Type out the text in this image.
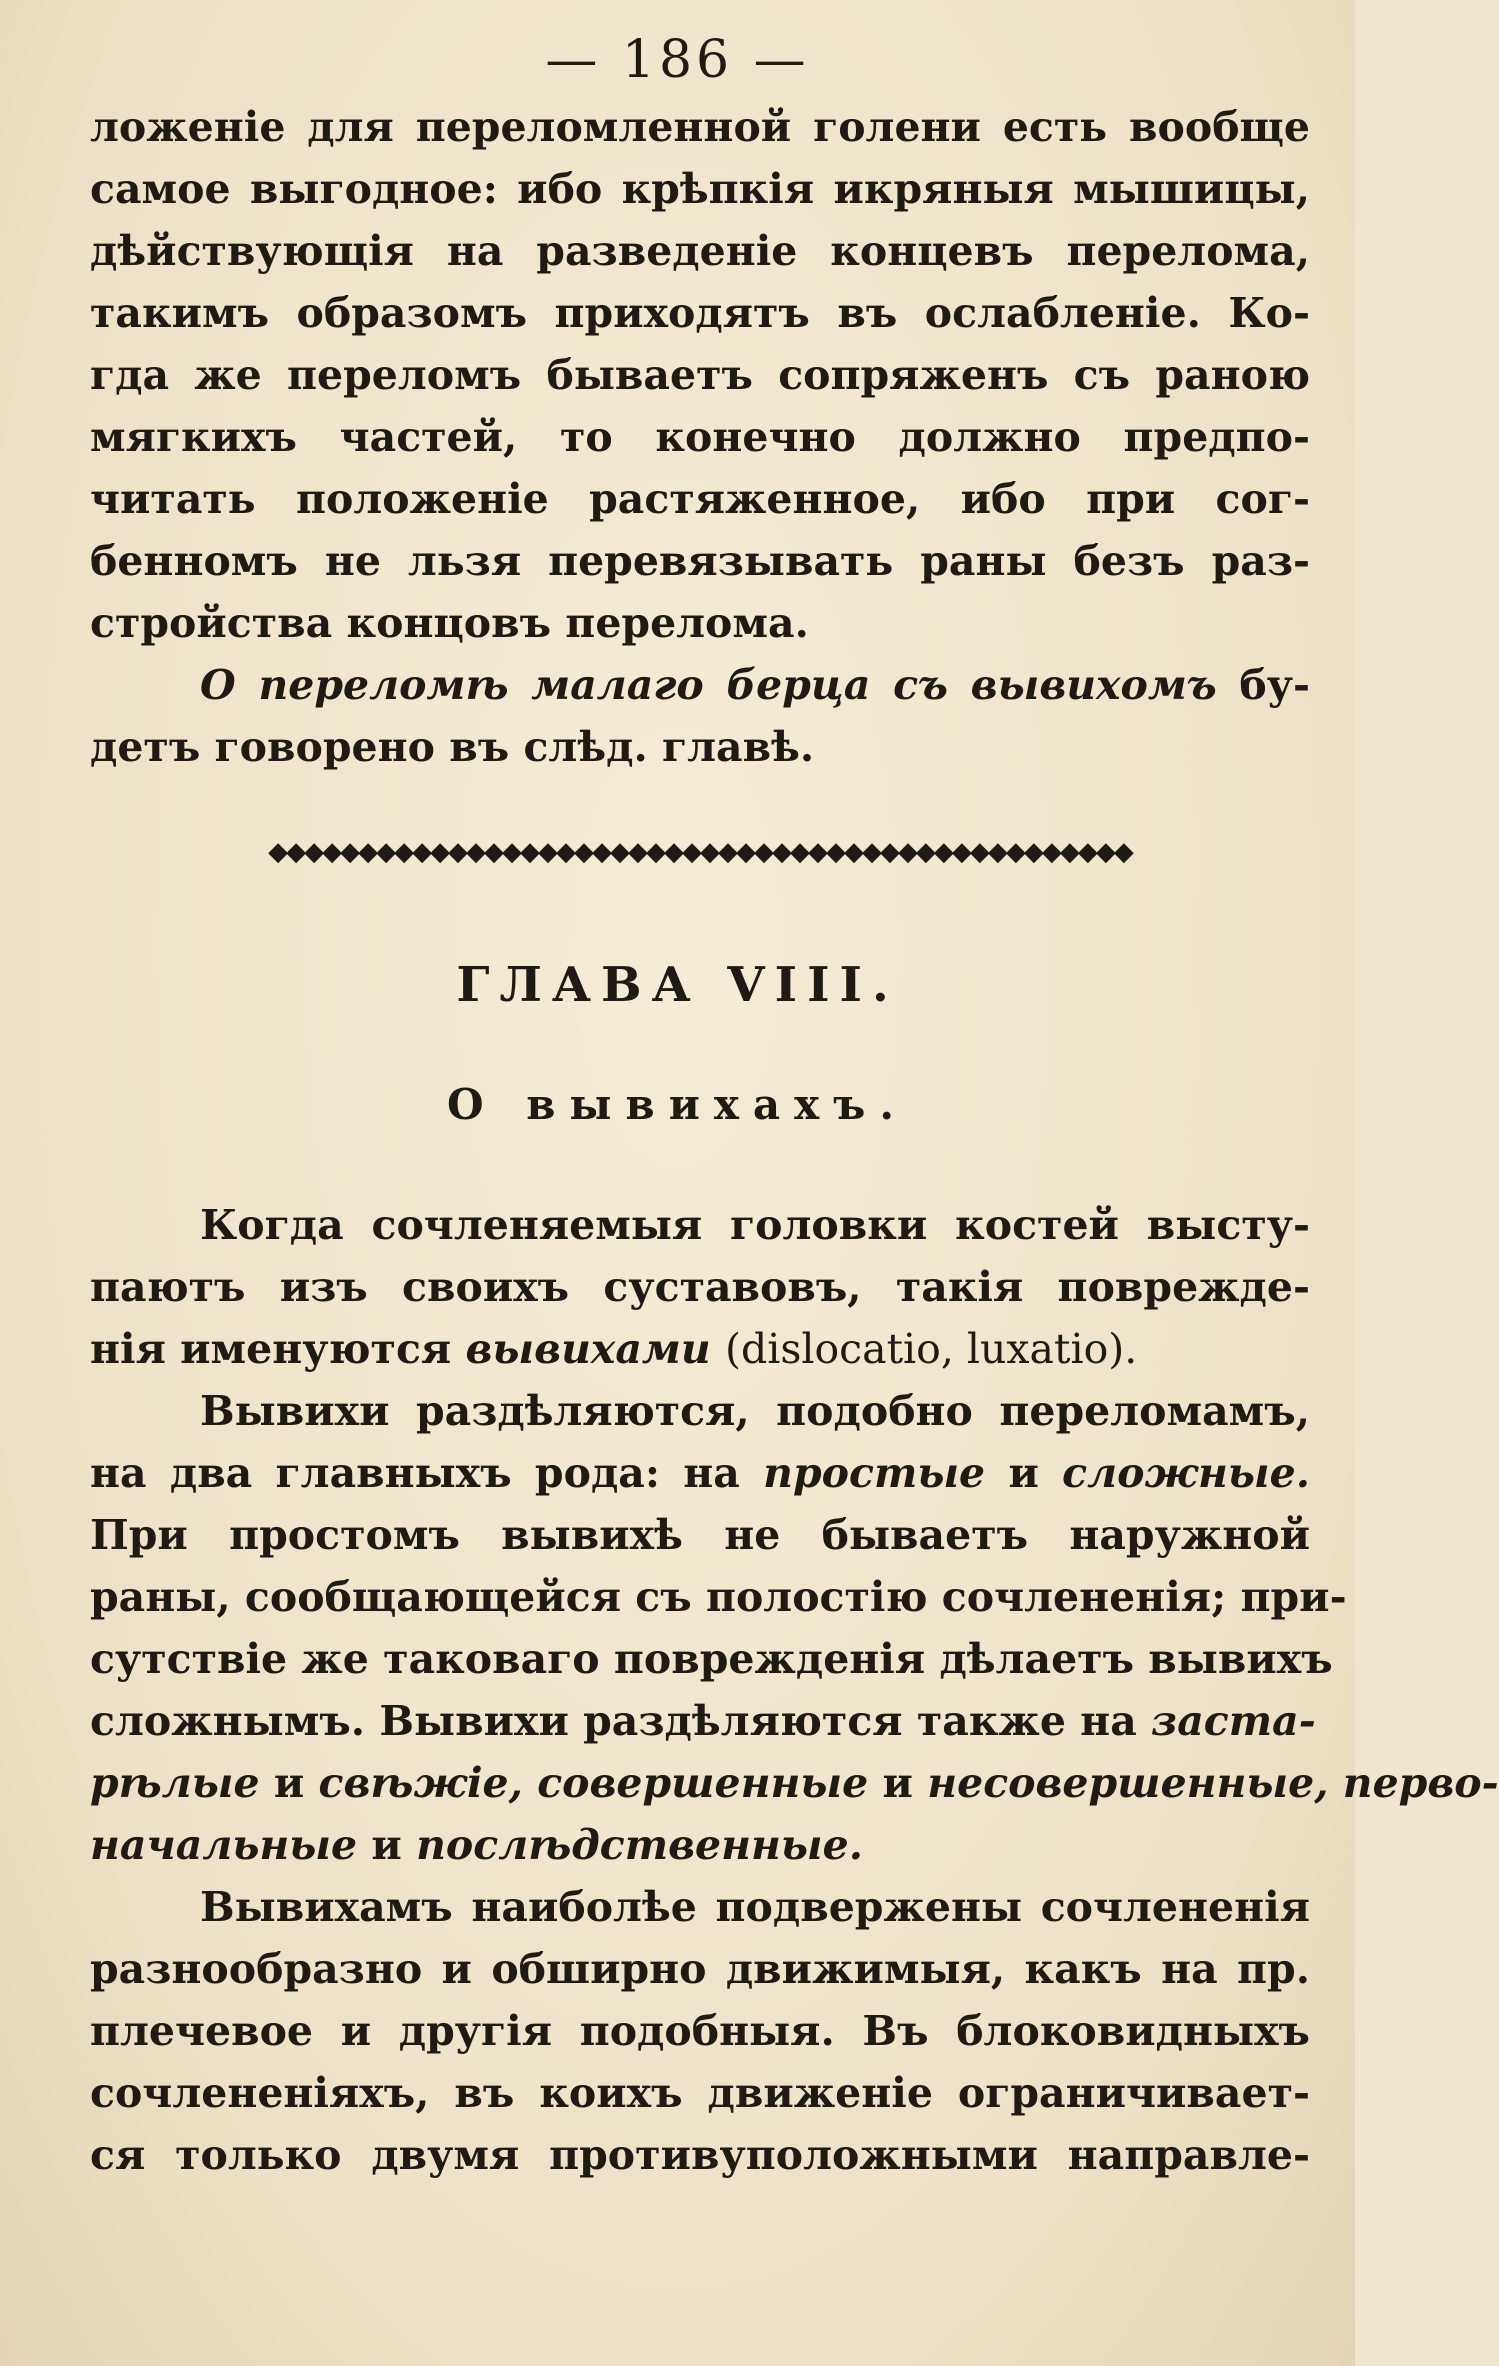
— 186 —
ложеніе для переломленной голени есть вообще
самое выгодное: ибо крѣпкія икряныя мышицы,
дѣйствующія на разведеніе концевъ перелома,
такимъ образомъ приходятъ въ ослабленіе. Ко-
гда же переломъ бываетъ сопряженъ съ раною
мягкихъ частей, то конечно должно предпо-
читать положеніе растяженное, ибо при сог-
бенномъ не льзя перевязывать раны безъ раз-
стройства концовъ перелома.
О переломѣ малаго берца съ вывихомъ бу-
детъ говорено въ слѣд. главѣ.
◆◆◆◆◆◆◆◆◆◆◆◆◆◆◆◆◆◆◆◆◆◆◆◆◆◆◆◆◆◆◆◆◆◆◆◆◆◆◆◆◆◆◆◆◆◆◆◆
ГЛАВА VIII.
О вывихахъ.
Когда сочленяемыя головки костей высту-
паютъ изъ своихъ суставовъ, такія поврежде-
нія именуются вывихами (dislocatio, luxatio).
Вывихи раздѣляются, подобно переломамъ,
на два главныхъ рода: на простые и сложные.
При простомъ вывихѣ не бываетъ наружной
раны, сообщающейся съ полостію сочлененія; при-
сутствіе же таковаго поврежденія дѣлаетъ вывихъ
сложнымъ. Вывихи раздѣляются также на заста-
рѣлые и свѣжіе, совершенные и несовершенные, перво-
начальные и послѣдственные.
Вывихамъ наиболѣе подвержены сочлененія
разнообразно и обширно движимыя, какъ на пр.
плечевое и другія подобныя. Въ блоковидныхъ
сочлененіяхъ, въ коихъ движеніе ограничивает-
ся только двумя противуположными направле-
